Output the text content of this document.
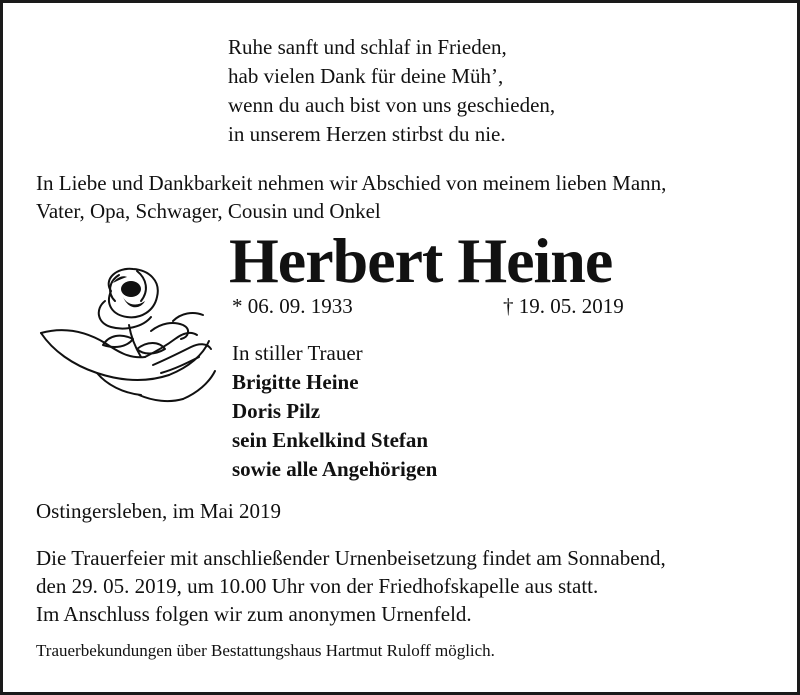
Ruhe sanft und schlaf in Frieden,
hab vielen Dank für deine Müh’,
wenn du auch bist von uns geschieden,
in unserem Herzen stirbst du nie.
In Liebe und Dankbarkeit nehmen wir Abschied von meinem lieben Mann,
Vater, Opa, Schwager, Cousin und Onkel
Herbert Heine
* 06. 09. 1933	† 19. 05. 2019
In stiller Trauer
Brigitte Heine
Doris Pilz
sein Enkelkind Stefan
sowie alle Angehörigen
Ostingersleben, im Mai 2019
Die Trauerfeier mit anschließender Urnenbeisetzung findet am Sonnabend,
den 29. 05. 2019, um 10.00 Uhr von der Friedhofskapelle aus statt.
Im Anschluss folgen wir zum anonymen Urnenfeld.
Trauerbekundungen über Bestattungshaus Hartmut Ruloff möglich.
